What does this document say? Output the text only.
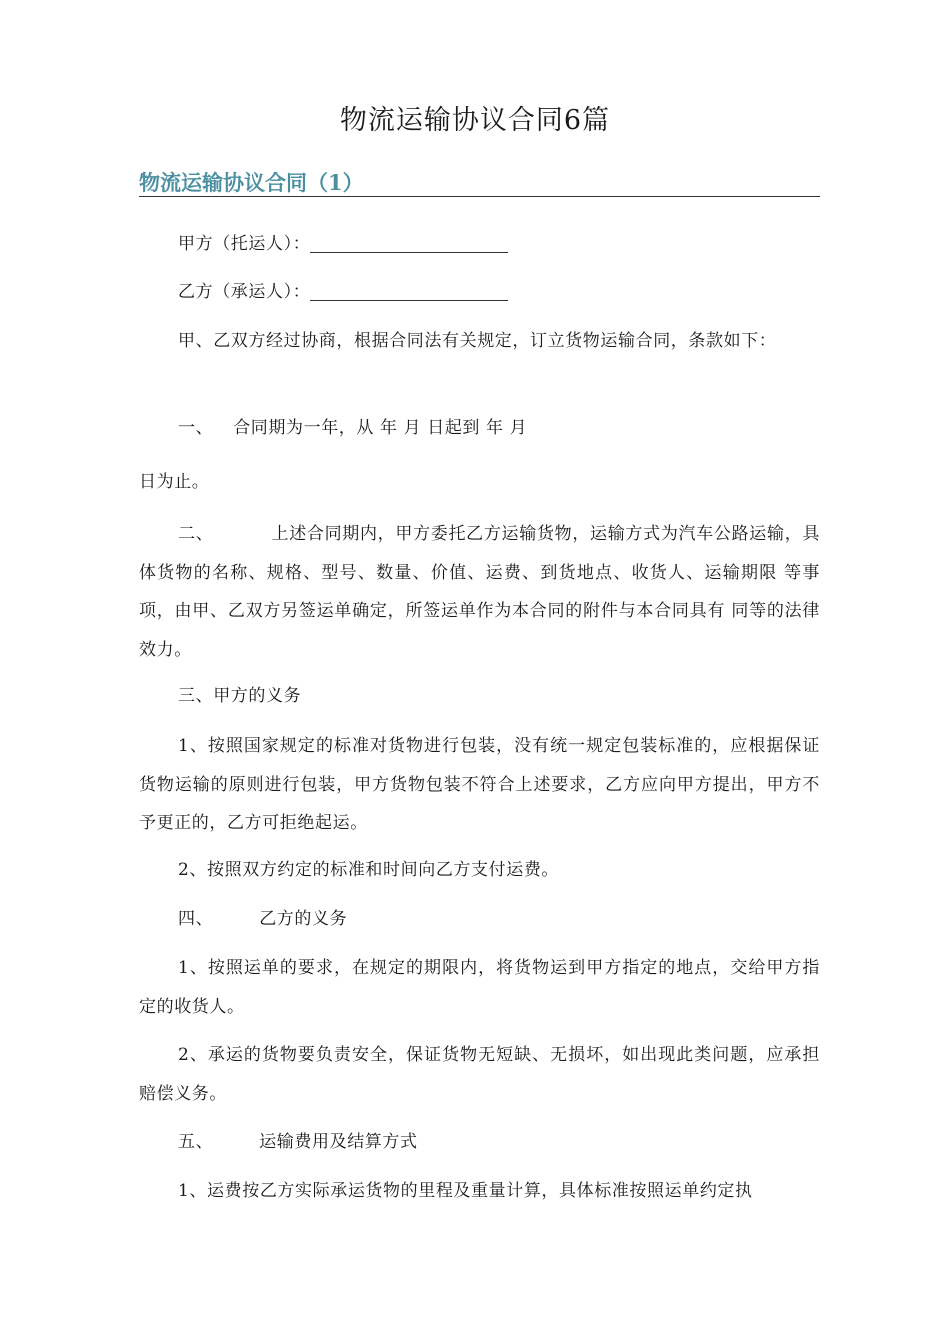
物流运输协议合同6篇
物流运输协议合同（1）
甲方（托运人）：
乙方（承运人）：
甲、乙双方经过协商，根据合同法有关规定，订立货物运输合同，条款如下：
一、 合同期为一年，从 年 月 日起到 年 月
日为止。
二、	上述合同期内，甲方委托乙方运输货物，运输方式为汽车公路运输，具 体货物的名称、规格、型号、数量、价值、运费、到货地点、收货人、运输期限 等事项，由甲、乙双方另签运单确定，所签运单作为本合同的附件与本合同具有 同等的法律效力。
三、甲方的义务
1、按照国家规定的标准对货物进行包装，没有统一规定包装标准的，应根据保证货物运输的原则进行包装，甲方货物包装不符合上述要求，乙方应向甲方提出，甲方不予更正的，乙方可拒绝起运。
2、按照双方约定的标准和时间向乙方支付运费。
四、	乙方的义务
1、按照运单的要求，在规定的期限内，将货物运到甲方指定的地点，交给甲方指定的收货人。
2、承运的货物要负责安全，保证货物无短缺、无损坏，如出现此类问题，应承担赔偿义务。
五、	运输费用及结算方式
1、运费按乙方实际承运货物的里程及重量计算，具体标准按照运单约定执
